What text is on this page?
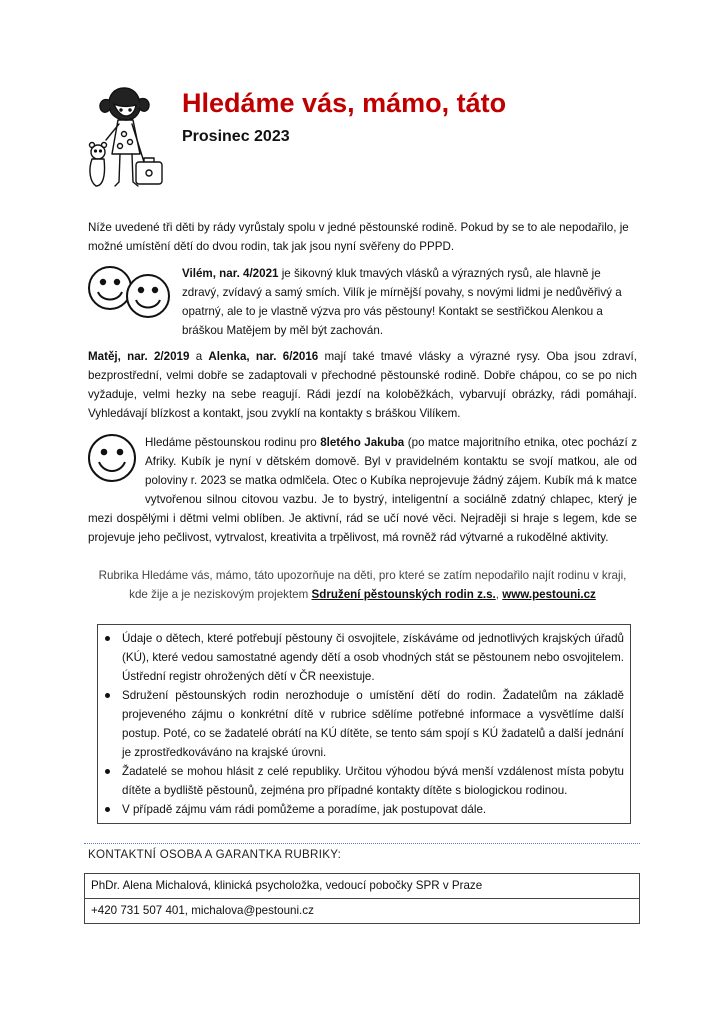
Hledáme vás, mámo, táto
Prosinec 2023

Níže uvedené tři děti by rády vyrůstaly spolu v jedné pěstounské rodině. Pokud by se to ale nepodařilo, je možné umístění dětí do dvou rodin, tak jak jsou nyní svěřeny do PPPD.

Vilém, nar. 4/2021 je šikovný kluk tmavých vlásků a výrazných rysů, ale hlavně je zdravý, zvídavý a samý smích. Vilík je mírnější povahy, s novými lidmi je nedůvěřivý a opatrný, ale to je vlastně výzva pro vás pěstouny! Kontakt se sestřičkou Alenkou a bráškou Matějem by měl být zachován.

Matěj, nar. 2/2019 a Alenka, nar. 6/2016 mají také tmavé vlásky a výrazné rysy. Oba jsou zdraví, bezprostřední, velmi dobře se zadaptovali v přechodné pěstounské rodině. Dobře chápou, co se po nich vyžaduje, velmi hezky na sebe reagují. Rádi jezdí na koloběžkách, vybarvují obrázky, rádi pomáhají. Vyhledávají blízkost a kontakt, jsou zvyklí na kontakty s bráškou Vilíkem.

Hledáme pěstounskou rodinu pro 8letého Jakuba (po matce majoritního etnika, otec pochází z Afriky. Kubík je nyní v dětském domově. Byl v pravidelném kontaktu se svojí matkou, ale od poloviny r. 2023 se matka odmlčela. Otec o Kubíka neprojevuje žádný zájem. Kubík má k matce vytvořenou silnou citovou vazbu. Je to bystrý, inteligentní a sociálně zdatný chlapec, který je mezi dospělými i dětmi velmi oblíben. Je aktivní, rád se učí nové věci. Nejraději si hraje s legem, kde se projevuje jeho pečlivost, vytrvalost, kreativita a trpělivost, má rovněž rád výtvarné a rukodělné aktivity.

Rubrika Hledáme vás, mámo, táto upozorňuje na děti, pro které se zatím nepodařilo najít rodinu v kraji, kde žije a je neziskovým projektem Sdružení pěstounských rodin z.s., www.pestouni.cz

Údaje o dětech, které potřebují pěstouny či osvojitele, získáváme od jednotlivých krajských úřadů (KÚ), které vedou samostatné agendy dětí a osob vhodných stát se pěstounem nebo osvojitelem. Ústřední registr ohrožených dětí v ČR neexistuje.
Sdružení pěstounských rodin nerozhoduje o umístění dětí do rodin. Žadatelům na základě projeveného zájmu o konkrétní dítě v rubrice sdělíme potřebné informace a vysvětlíme další postup. Poté, co se žadatelé obrátí na KÚ dítěte, se tento sám spojí s KÚ žadatelů a další jednání je zprostředkováváno na krajské úrovni.
Žadatelé se mohou hlásit z celé republiky. Určitou výhodou bývá menší vzdálenost místa pobytu dítěte a bydliště pěstounů, zejména pro případné kontakty dítěte s biologickou rodinou.
V případě zájmu vám rádi pomůžeme a poradíme, jak postupovat dále.
KONTAKTNÍ OSOBA A GARANTKA RUBRIKY:
PhDr. Alena Michalová, klinická psycholožka, vedoucí pobočky SPR v Praze
+420 731 507 401, michalova@pestouni.cz
